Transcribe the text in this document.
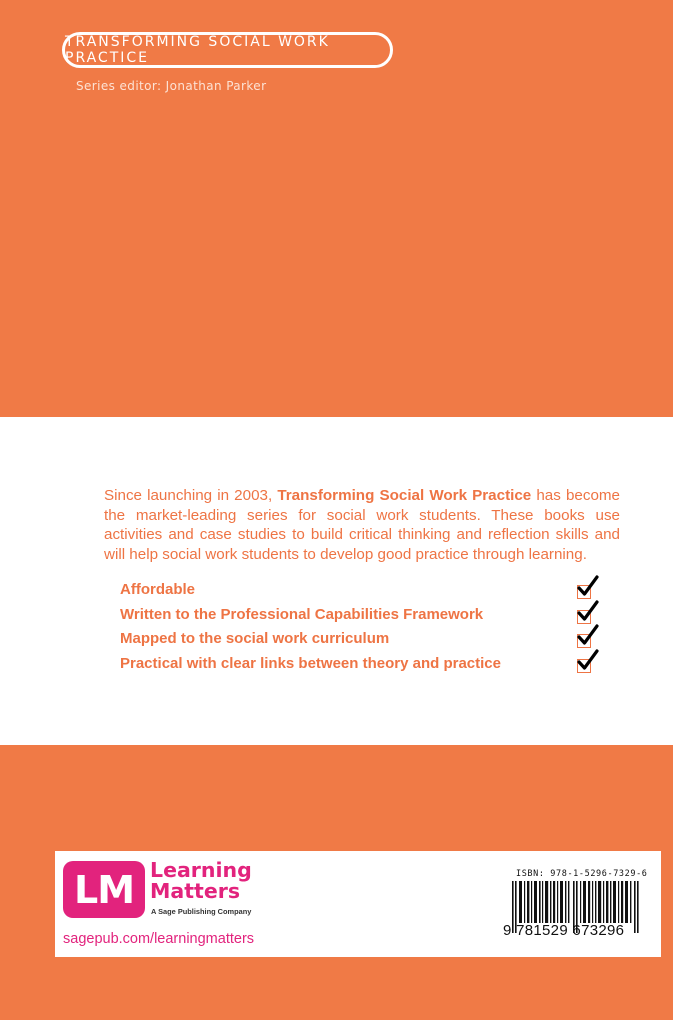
TRANSFORMING SOCIAL WORK PRACTICE
Series editor: Jonathan Parker

Since launching in 2003, Transforming Social Work Practice has become the market-leading series for social work students. These books use activities and case studies to build critical thinking and reflection skills and will help social work students to develop good practice through learning.

Affordable
Written to the Professional Capabilities Framework
Mapped to the social work curriculum
Practical with clear links between theory and practice
LM Learning
Matters
A Sage Publishing Company
sagepub.com/learningmatters
ISBN: 978-1-5296-7329-6
9 781529 673296
